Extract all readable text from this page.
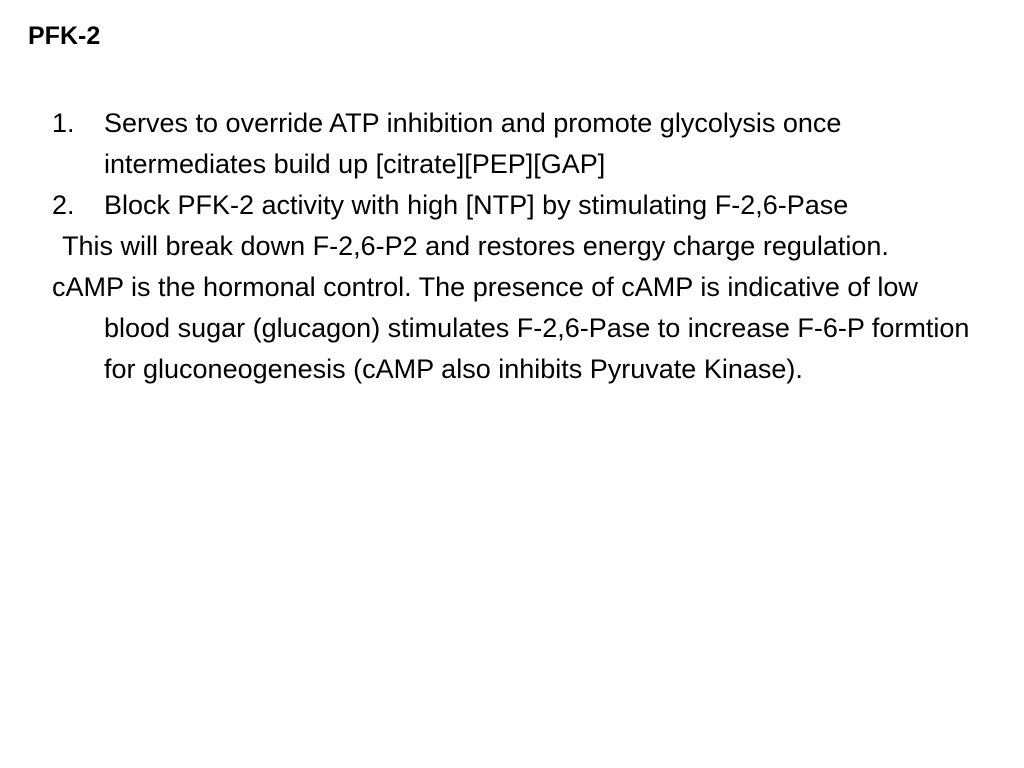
PFK-2
1.	Serves to override ATP inhibition and promote glycolysis once intermediates build up [citrate][PEP][GAP]
2.	Block PFK-2 activity with high [NTP] by stimulating F-2,6-Pase

This will break down F-2,6-P2 and restores energy charge regulation.

cAMP is the hormonal control. The presence of cAMP is indicative of low blood sugar (glucagon) stimulates F-2,6-Pase to increase F-6-P formtion for gluconeogenesis (cAMP also inhibits Pyruvate Kinase).
